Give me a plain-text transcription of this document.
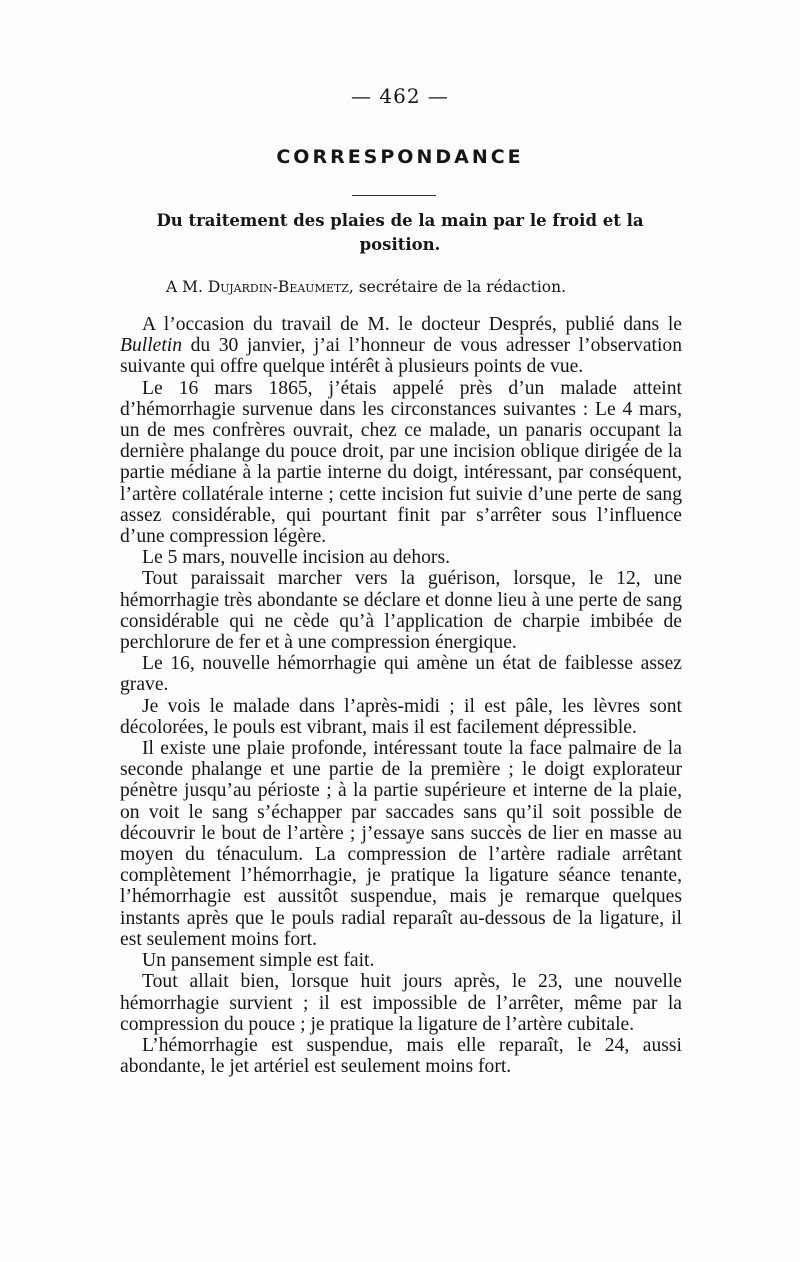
— 462 —
CORRESPONDANCE
Du traitement des plaies de la main par le froid et la position.
A M. Dujardin-Beaumetz, secrétaire de la rédaction.

A l’occasion du travail de M. le docteur Després, publié dans le Bulletin du 30 janvier, j’ai l’honneur de vous adresser l’observation suivante qui offre quelque intérêt à plusieurs points de vue.

Le 16 mars 1865, j’étais appelé près d’un malade atteint d’hémorrhagie survenue dans les circonstances suivantes : Le 4 mars, un de mes confrères ouvrait, chez ce malade, un panaris occupant la dernière phalange du pouce droit, par une incision oblique dirigée de la partie médiane à la partie interne du doigt, intéressant, par conséquent, l’artère collatérale interne ; cette incision fut suivie d’une perte de sang assez considérable, qui pourtant finit par s’arrêter sous l’influence d’une compression légère.

Le 5 mars, nouvelle incision au dehors.

Tout paraissait marcher vers la guérison, lorsque, le 12, une hémorrhagie très abondante se déclare et donne lieu à une perte de sang considérable qui ne cède qu’à l’application de charpie imbibée de perchlorure de fer et à une compression énergique.

Le 16, nouvelle hémorrhagie qui amène un état de faiblesse assez grave.

Je vois le malade dans l’après-midi ; il est pâle, les lèvres sont décolorées, le pouls est vibrant, mais il est facilement dépressible.

Il existe une plaie profonde, intéressant toute la face palmaire de la seconde phalange et une partie de la première ; le doigt explorateur pénètre jusqu’au périoste ; à la partie supérieure et interne de la plaie, on voit le sang s’échapper par saccades sans qu’il soit possible de découvrir le bout de l’artère ; j’essaye sans succès de lier en masse au moyen du ténaculum. La compression de l’artère radiale arrêtant complètement l’hémorrhagie, je pratique la ligature séance tenante, l’hémorrhagie est aussitôt suspendue, mais je remarque quelques instants après que le pouls radial reparaît au-dessous de la ligature, il est seulement moins fort.

Un pansement simple est fait.

Tout allait bien, lorsque huit jours après, le 23, une nouvelle hémorrhagie survient ; il est impossible de l’arrêter, même par la compression du pouce ; je pratique la ligature de l’artère cubitale.

L’hémorrhagie est suspendue, mais elle reparaît, le 24, aussi abondante, le jet artériel est seulement moins fort.
